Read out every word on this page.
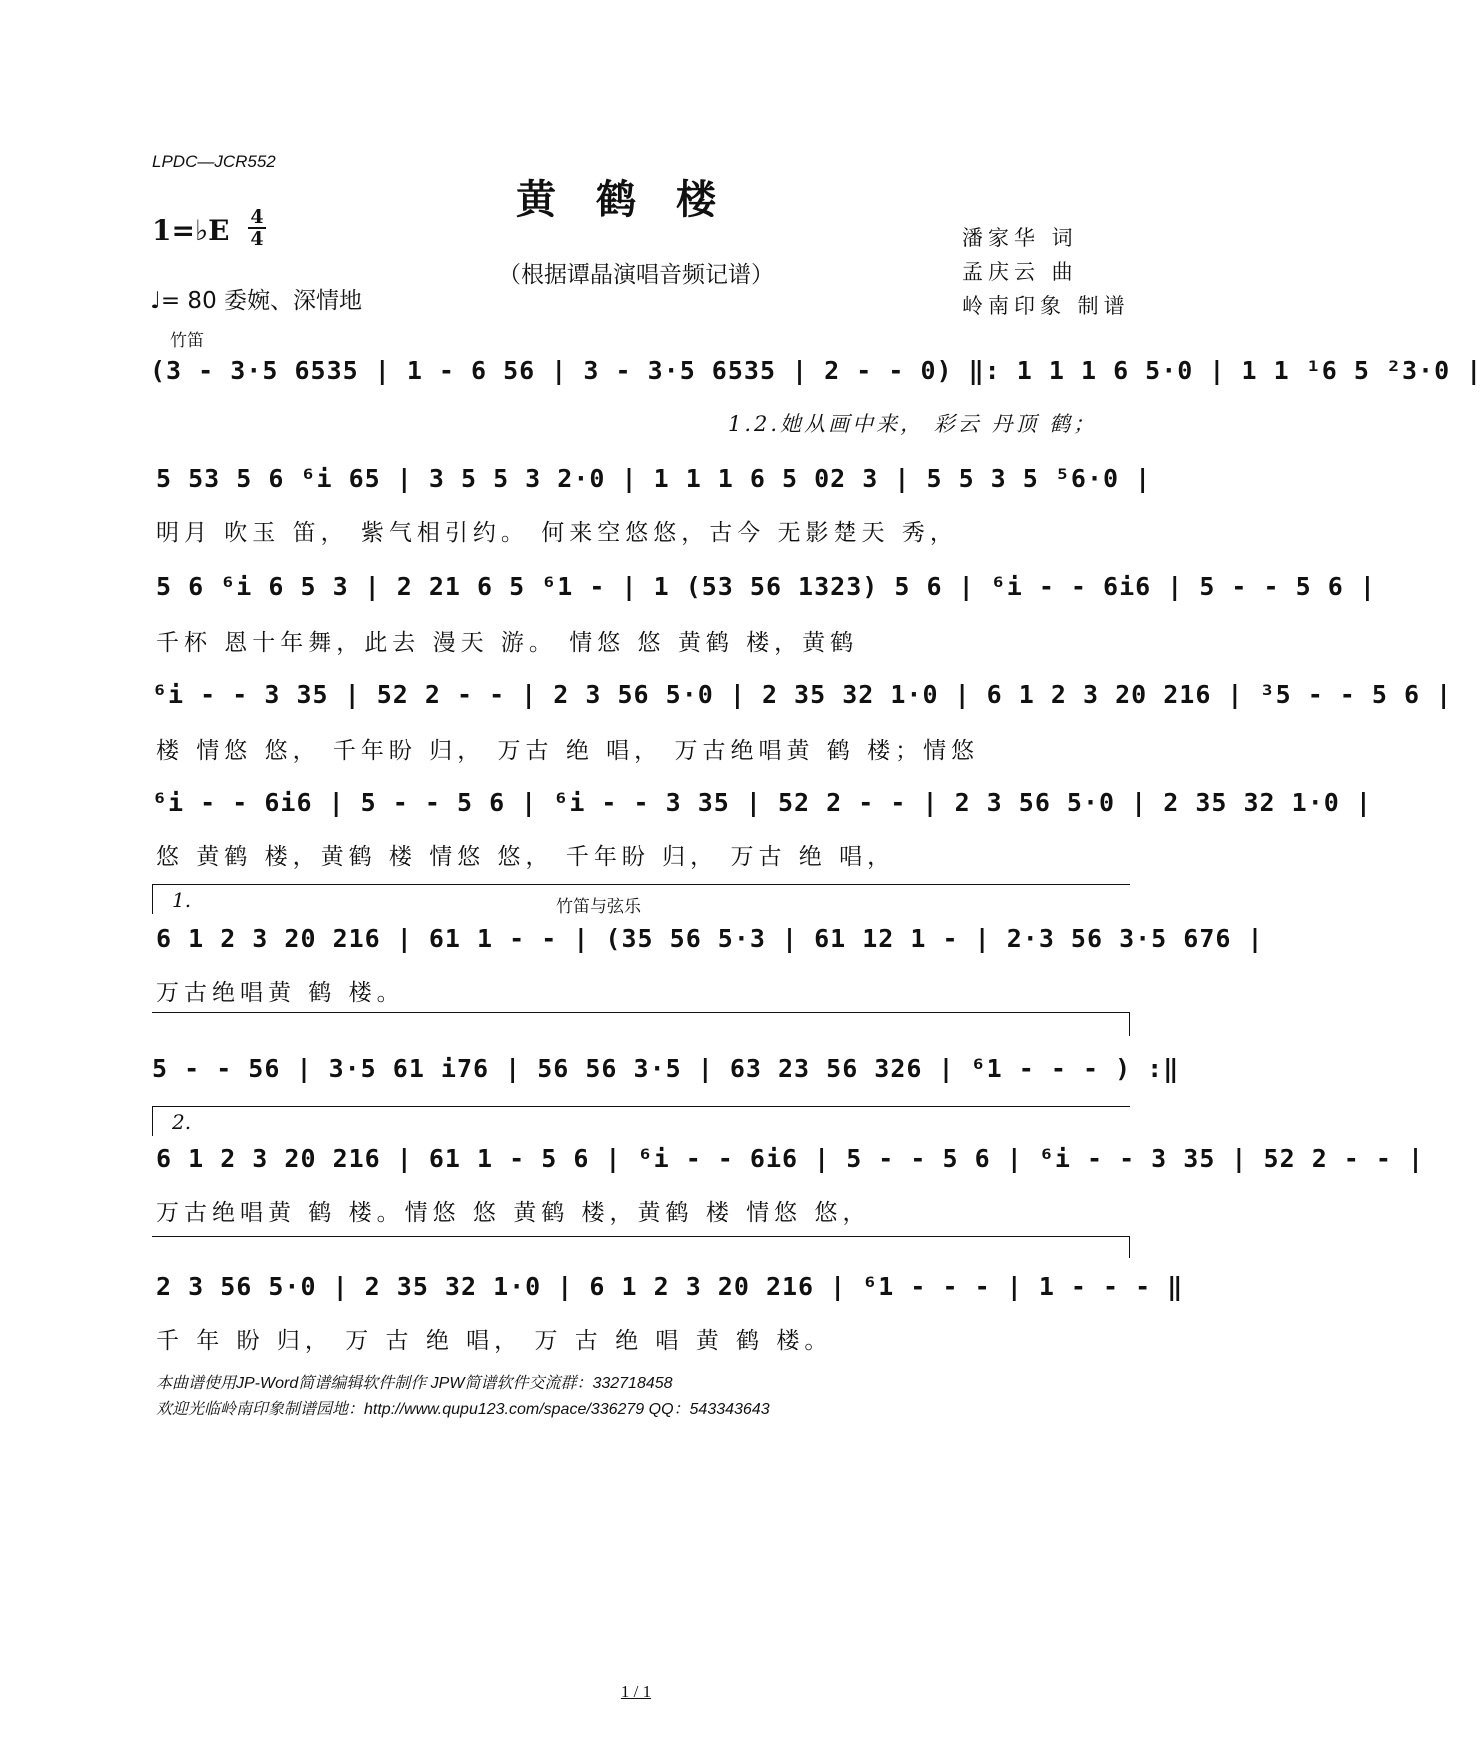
LPDC—JCR552
黄鹤楼
1=♭E 4
4
（根据谭晶演唱音频记谱）
♩= 80 委婉、深情地
潘家华 词
孟庆云 曲
岭南印象 制谱
竹笛
(3 - 3·5 6535 | 1 - 6 56 | 3 - 3·5 6535 | 2 - - 0) ‖: 1 1 1 6 5·0 | 1 1 ¹6 5 ²3·0 |
1.2.她从画中来， 彩云 丹顶 鹤；
5 53 5 6 ⁶i 65 | 3 5 5 3 2·0 | 1 1 1 6 5 02 3 | 5 5 3 5 ⁵6·0 |
明月 吹玉 笛， 紫气相引约。 何来空悠悠，古今 无影楚天 秀，
5 6 ⁶i 6 5 3 | 2 21 6 5 ⁶1 - | 1 (53 56 1323) 5 6 | ⁶i - - 6i6 | 5 - - 5 6 |
千杯 恩十年舞，此去 漫天 游。 情悠 悠 黄鹤 楼，黄鹤
⁶i - - 3 35 | 52 2 - - | 2 3 56 5·0 | 2 35 32 1·0 | 6 1 2 3 20 216 | ³5 - - 5 6 |
楼 情悠 悠， 千年盼 归， 万古 绝 唱， 万古绝唱黄 鹤 楼；情悠
⁶i - - 6i6 | 5 - - 5 6 | ⁶i - - 3 35 | 52 2 - - | 2 3 56 5·0 | 2 35 32 1·0 |
悠 黄鹤 楼，黄鹤 楼 情悠 悠， 千年盼 归， 万古 绝 唱，
1.	竹笛与弦乐
6 1 2 3 20 216 | 61 1 - - | (35 56 5·3 | 61 12 1 - | 2·3 56 3·5 676 |
万古绝唱黄 鹤 楼。
5 - - 56 | 3·5 61 i76 | 56 56 3·5 | 63 23 56 326 | ⁶1 - - - ) :‖
2.
6 1 2 3 20 216 | 61 1 - 5 6 | ⁶i - - 6i6 | 5 - - 5 6 | ⁶i - - 3 35 | 52 2 - - |
万古绝唱黄 鹤 楼。情悠 悠 黄鹤 楼，黄鹤 楼 情悠 悠，
2 3 56 5·0 | 2 35 32 1·0 | 6 1 2 3 20 216 | ⁶1 - - - | 1 - - - ‖
千 年 盼 归， 万 古 绝 唱， 万 古 绝 唱 黄 鹤 楼。
本曲谱使用JP-Word简谱编辑软件制作 JPW简谱软件交流群：332718458
欢迎光临岭南印象制谱园地：http://www.qupu123.com/space/336279 QQ：543343643
1 / 1
